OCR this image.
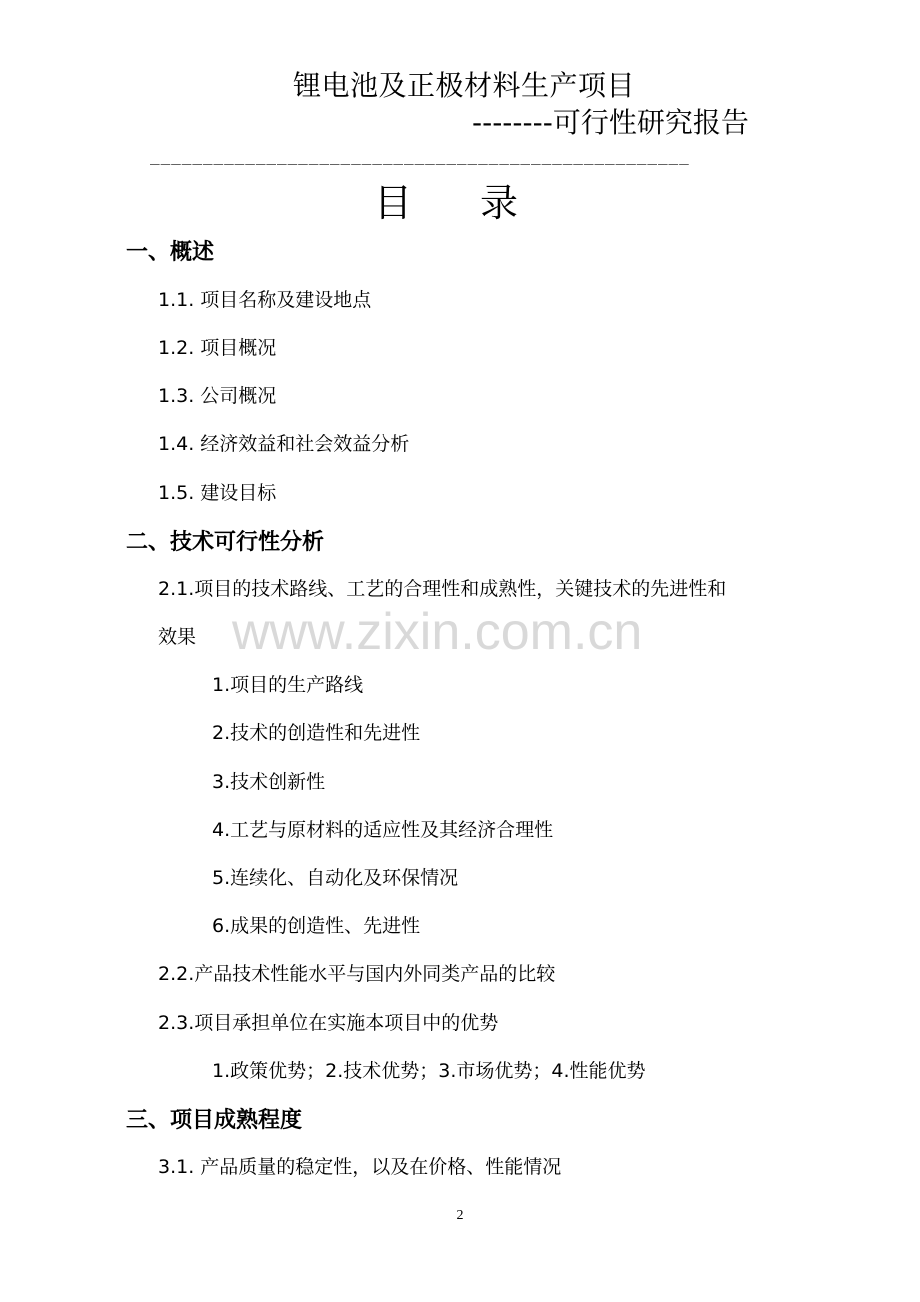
锂电池及正极材料生产项目
--------可行性研究报告
___________________________________________________
目 录
一、概述
1.1. 项目名称及建设地点
1.2. 项目概况
1.3. 公司概况
1.4. 经济效益和社会效益分析
1.5. 建设目标
二、技术可行性分析
2.1.项目的技术路线、工艺的合理性和成熟性，关键技术的先进性和
效果 www.zixin.com.cn
1.项目的生产路线
2.技术的创造性和先进性
3.技术创新性
4.工艺与原材料的适应性及其经济合理性
5.连续化、自动化及环保情况
6.成果的创造性、先进性
2.2.产品技术性能水平与国内外同类产品的比较
2.3.项目承担单位在实施本项目中的优势
1.政策优势；2.技术优势；3.市场优势；4.性能优势
三、项目成熟程度
3.1. 产品质量的稳定性，以及在价格、性能情况
2
